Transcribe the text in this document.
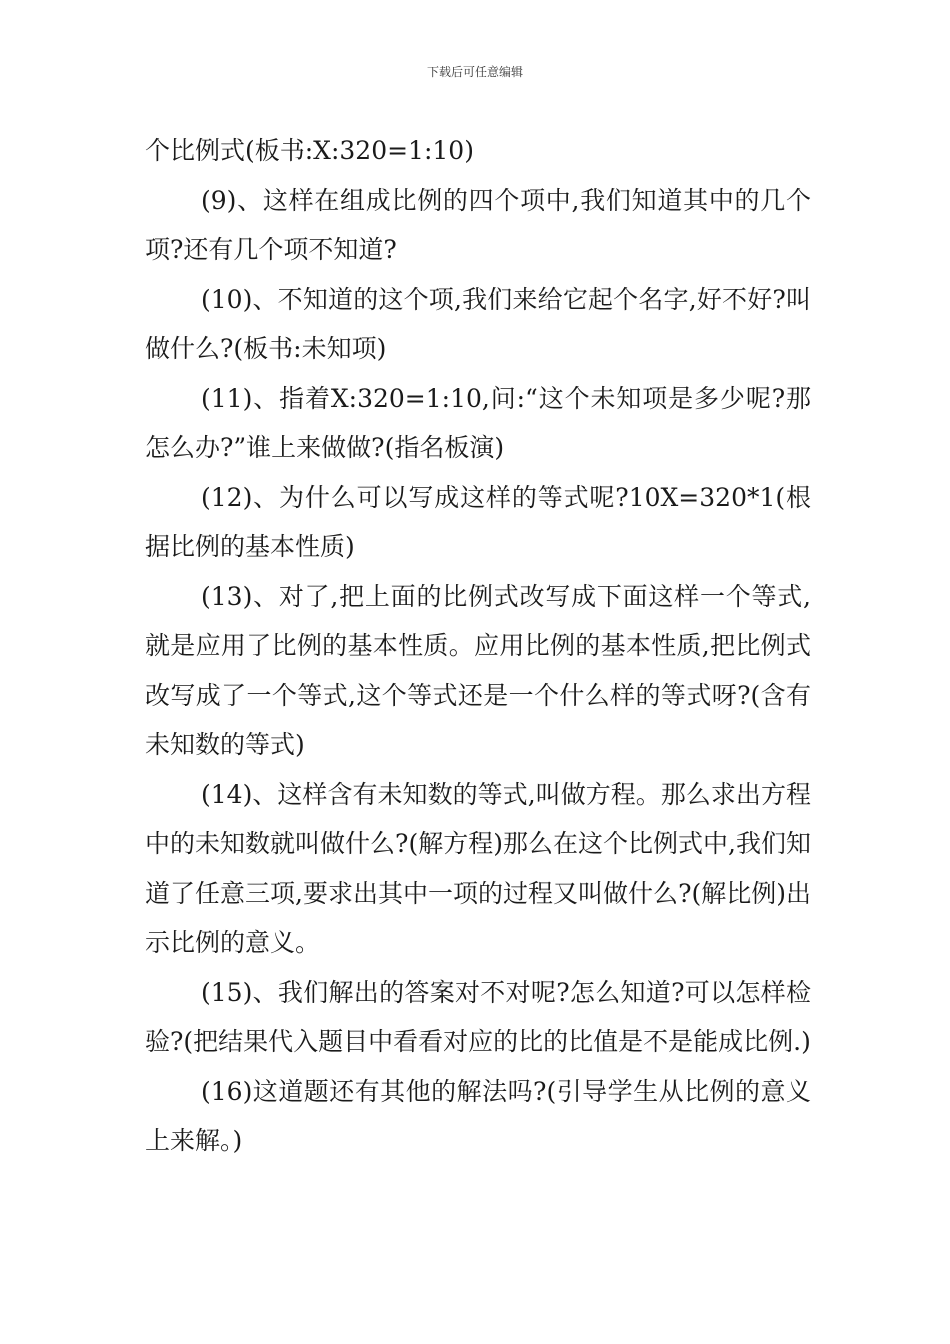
下载后可任意编辑

个比例式(板书:X:320=1:10)

(9)、这样在组成比例的四个项中,我们知道其中的几个项?还有几个项不知道?

(10)、不知道的这个项,我们来给它起个名字,好不好?叫做什么?(板书:未知项)

(11)、指着X:320=1:10,问:“这个未知项是多少呢?那怎么办?”谁上来做做?(指名板演)

(12)、为什么可以写成这样的等式呢?10X=320*1(根据比例的基本性质)

(13)、对了,把上面的比例式改写成下面这样一个等式,就是应用了比例的基本性质。应用比例的基本性质,把比例式改写成了一个等式,这个等式还是一个什么样的等式呀?(含有未知数的等式)

(14)、这样含有未知数的等式,叫做方程。那么求出方程中的未知数就叫做什么?(解方程)那么在这个比例式中,我们知道了任意三项,要求出其中一项的过程又叫做什么?(解比例)出示比例的意义。

(15)、我们解出的答案对不对呢?怎么知道?可以怎样检验?(把结果代入题目中看看对应的比的比值是不是能成比例.)

(16)这道题还有其他的解法吗?(引导学生从比例的意义上来解。)
